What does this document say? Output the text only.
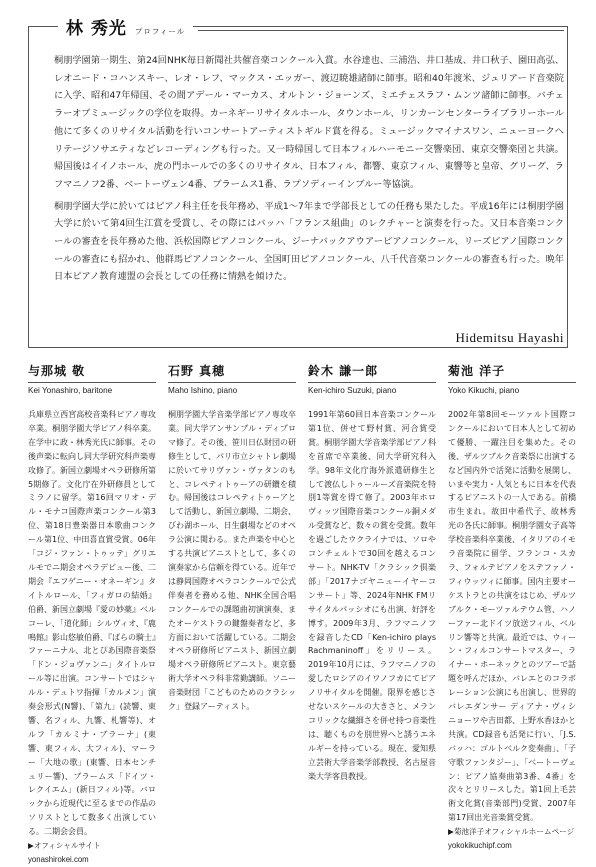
林 秀光 プロフィール

桐朋学園第一期生、第24回NHK毎日新聞社共催音楽コンクール入賞。水谷達也、三浦浩、井口基成、井口秋子、園田高弘、レオニード・コハンスキー、レオ・レフ、マックス・エッガー、渡辺暁雄諸師に師事。昭和40年渡米、ジュリアード音楽院に入学、昭和47年帰国、その間アデール・マーカス、オルトン・ジョーンズ、ミエチェスラフ・ムンツ諸師に師事。バチェラーオブミュージックの学位を取得。カーネギーリサイタルホール、タウンホール、リンカーンセンターライブラリーホール他にて多くのリサイタル活動を行いコンサートアーティストギルド賞を得る。ミュージックマイナスワン、ニューヨークヘリテージソサエティなどレコーディングも行った。又一時帰国して日本フィルハーモニー交響楽団、東京交響楽団と共演。帰国後はイイノホール、虎の門ホールでの多くのリサイタル、日本フィル、都響、東京フィル、東響等と皇帝、グリーグ、ラフマニノフ2番、ベートーヴェン4番、ブラームス1番、ラプソディーインブルー等協演。

桐朋学園大学に於いてはピアノ科主任を長年務め、平成1～7年まで学部長としての任務も果たした。平成16年には桐朋学園大学に於いて第4回生江賞を受賞し、その際にはバッハ「フランス組曲」のレクチャーと演奏を行った。又日本音楽コンクールの審査を長年務めた他、浜松国際ピアノコンクール、ジーナバックアウアーピアノコンクール、リーズピアノ国際コンクールの審査にも招かれ、他群馬ピアノコンクール、全国町田ピアノコンクール、八千代音楽コンクールの審査も行った。晩年日本ピアノ教育連盟の会長としての任務に情熱を傾けた。

Hidemitsu Hayashi
与那城 敬
Kei Yonashiro, baritone

兵庫県立西宮高校音楽科ピアノ専攻卒業。桐朋学園大学ピアノ科卒業。在学中に政・林秀光氏に師事。その後声楽に転向し同大学研究科声楽専攻修了。新国立劇場オペラ研修所第5期修了。文化庁在外研修員としてミラノに留学。第16回マリオ・デル・モナコ国際声楽コンクール第3位、第18日豊楽器日本歌曲コンクール第1位、中田喜直賞受賞。06年「コジ・ファン・トゥッテ」グリエルモでニ期会オペラデビュー後、二期会『エフゲニー・オネーギン』タイトルロール、「フィガロの結婚』伯爵、新国立劇場『愛の妙薬』ベルコーレ、「道化師」シルヴィオ、『鹿鳴館』影山悠敏伯爵、『ばらの騎士』ファーニナル、北とぴあ国際音楽祭「ドン・ジョヴァンニ」タイトルロール等に出演。コンサートではシャルル・デュトワ指揮「カルメン」演奏会形式(N響)、「第九」(読響、東響、名フィル、九響、札響等)、オルフ「カルミナ・ブラーナ」(東響、東フィル、大フィル)、マーラー「大地の歌」(東響、日本センチュリー響)、ブラームス「ドイツ・レクイエム」(新日フィル)等。バロックから近現代に至るまでの作品のソリストとして数多く出演している。二期会会員。

▶オフィシャルサイト

yonashirokei.com

石野 真穂
Maho Ishino, piano

桐朋学園大学音楽学部ピアノ専攻卒業。同大学アンサンブル・ディプロマ修了。その後、笹川日仏財団の研修生として、パリ市立シャトレ劇場に於いてサリヴァン・ヴァタンのもと、コレペティトゥーアの研鑽を積む。帰国後はコレペティトゥーアとして活動し、新国立劇場、二期会、びわ湖ホール、日生劇場などのオペラ公演に関わる。また声楽を中心とする共演ピアニストとして、多くの演奏家から信頼を得ている。近年では静岡国際オペラコンクールで公式伴奏者を務める他、NHK全国合唱コンクールでの課題曲初演演奏、またオーケストラの鍵盤奏者など、多方面において活躍している。二期会オペラ研修所ピアニスト、新国立劇場オペラ研修所ピアニスト。東京藝術大学オペラ科非常勤講師。ソニー音楽財団「こどものためのクラシック」登録アーティスト。

鈴木 謙一郎
Ken-ichiro Suzuki, piano

1991年第60回日本音楽コンクール第1位、併せて野村賞、河合賞受賞。桐朋学園大学音楽学部ピアノ科を首席で卒業後、同大学研究科入学。98年文化庁海外派遣研修生として渡仏しトゥールーズ音楽院を特別1等賞を得て修了。2003年ホロヴィッツ国際音楽コンクール銅メダル受賞など、数々の賞を受賞。数年を過ごしたウクライナでは、ソロやコンチェルトで30回を越えるコンサート。NHK-TV「クラシック倶楽部」「2017ナゴヤニューイヤーコンサート」等、2024年NHK FMリサイタルパッシオにも出演、好評を博す。2009年3月、ラフマニノフを録音したCD「Ken-ichiro plays Rachmaninoff」をリリース。2019年10月には、ラフマニノフの愛したロシアのイワノフカにてピアノリサイタルを開催。限界を感じさせないスケールの大きさと、メランコリックな繊細さを併せ持つ音楽性は、聴くものを別世界へと誘うエネルギーを持っている。現在、愛知県立芸術大学音楽学部教授、名古屋音楽大学客員教授。

菊池 洋子
Yoko Kikuchi, piano

2002年第8回モーツァルト国際コンクールにおいて日本人として初めて優勝、一躍注目を集めた。その後、ザルツブルク音楽祭に出演するなど国内外で活発に活動を展開し、いまや実力・人気ともに日本を代表するピアニストの一人である。前橋市生まれ。故田中希代子、故林秀光の各氏に師事。桐朋学園女子高等学校音楽科卒業後、イタリアのイモラ音楽院に留学、フランコ・スカラ、フォルテピアノをステファノ・フィウッツィに師事。国内主要オーケストラとの共演をはじめ、ザルツブルク・モーツァルテウム管、ハノーファー北ドイツ放送フィル、ベルリン響等と共演。最近では、ウィーン・フィルコンサートマスター、ライナー・ホーネックとのツアーで話題を呼んだほか、バレエとのコラボレーション公演にも出演し、世界的バレエダンサー ディアナ・ヴィシニョーワや吉田都、上野水香ほかと共演。CD録音も活発に行い、「J.S.バッハ：ゴルトベルク変奏曲」、「子守歌ファンタジー」、「ベートーヴェン：ピアノ協奏曲第3番、4番」を次々とリリースした。第1回上毛芸術文化賞(音楽部門)受賞、2007年第17回出光音楽賞受賞。

▶菊池洋子オフィシャルホームページ

yokokikuchipf.com
